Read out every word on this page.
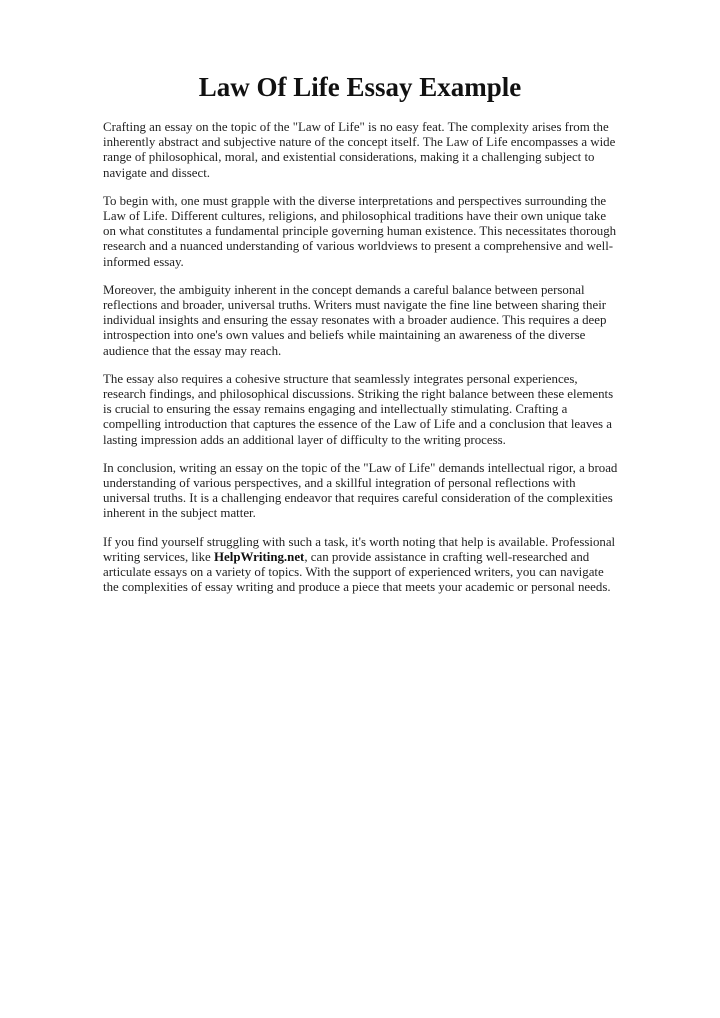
Law Of Life Essay Example

Crafting an essay on the topic of the "Law of Life" is no easy feat. The complexity arises from the inherently abstract and subjective nature of the concept itself. The Law of Life encompasses a wide range of philosophical, moral, and existential considerations, making it a challenging subject to navigate and dissect.

To begin with, one must grapple with the diverse interpretations and perspectives surrounding the Law of Life. Different cultures, religions, and philosophical traditions have their own unique take on what constitutes a fundamental principle governing human existence. This necessitates thorough research and a nuanced understanding of various worldviews to present a comprehensive and well-informed essay.

Moreover, the ambiguity inherent in the concept demands a careful balance between personal reflections and broader, universal truths. Writers must navigate the fine line between sharing their individual insights and ensuring the essay resonates with a broader audience. This requires a deep introspection into one's own values and beliefs while maintaining an awareness of the diverse audience that the essay may reach.

The essay also requires a cohesive structure that seamlessly integrates personal experiences, research findings, and philosophical discussions. Striking the right balance between these elements is crucial to ensuring the essay remains engaging and intellectually stimulating. Crafting a compelling introduction that captures the essence of the Law of Life and a conclusion that leaves a lasting impression adds an additional layer of difficulty to the writing process.

In conclusion, writing an essay on the topic of the "Law of Life" demands intellectual rigor, a broad understanding of various perspectives, and a skillful integration of personal reflections with universal truths. It is a challenging endeavor that requires careful consideration of the complexities inherent in the subject matter.

If you find yourself struggling with such a task, it's worth noting that help is available. Professional writing services, like HelpWriting.net, can provide assistance in crafting well-researched and articulate essays on a variety of topics. With the support of experienced writers, you can navigate the complexities of essay writing and produce a piece that meets your academic or personal needs.
